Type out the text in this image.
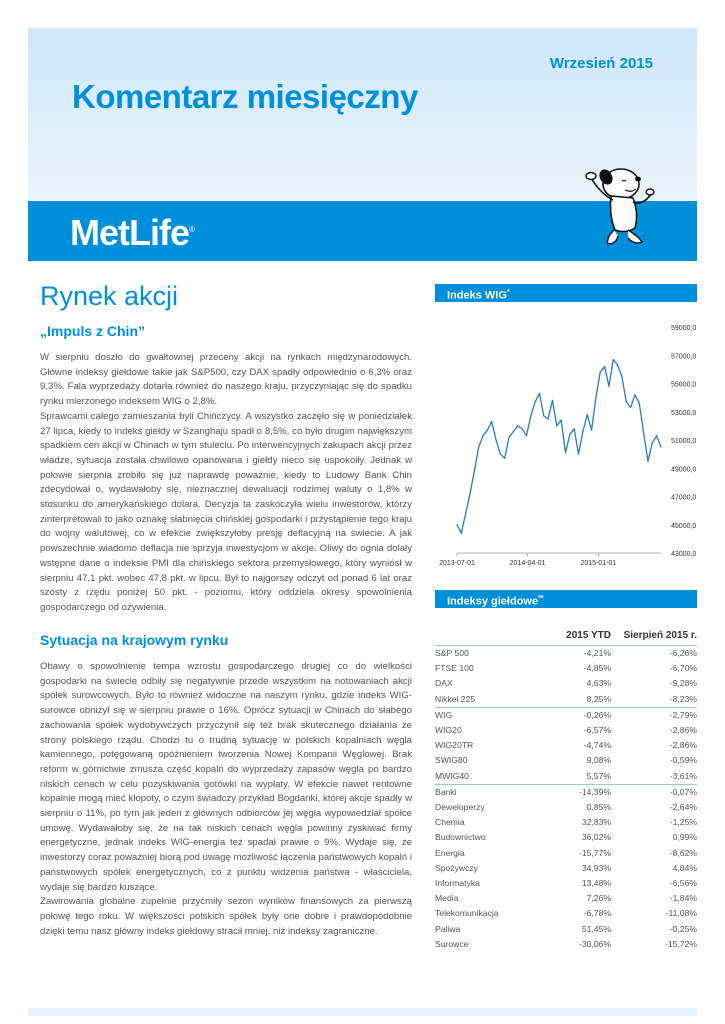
Wrzesień 2015
Komentarz miesięczny
MetLife®
Rynek akcji
„Impuls z Chin”

W sierpniu doszło do gwałtownej przeceny akcji na rynkach międzynarodowych. Główne indeksy giełdowe takie jak S&P500, czy DAX spadły odpowiednio o 6,3% oraz 9,3%. Fala wyprzedaży dotarła również do naszego kraju, przyczyniając się do spadku rynku mierzonego indeksem WIG o 2,8%.

Sprawcami całego zamieszania byli Chińczycy. A wszystko zaczęło się w poniedziałek 27 lipca, kiedy to indeks giełdy w Szanghaju spadł o 8,5%, co było drugim największym spadkiem cen akcji w Chinach w tym stuleciu. Po interwencyjnych zakupach akcji przez władze, sytuacja została chwilowo opanowana i giełdy nieco się uspokoiły. Jednak w połowie sierpnia zrobiło się już naprawdę poważnie, kiedy to Ludowy Bank Chin zdecydował o, wydawałoby się, nieznacznej dewaluacji rodzimej waluty o 1,8% w stosunku do amerykańskiego dolara. Decyzja ta zaskoczyła wielu inwestorów, którzy zinterpretowali to jako oznakę słabnięcia chińskiej gospodarki i przystąpienie tego kraju do wojny walutowej, co w efekcie zwiększyłoby presję deflacyjną na świecie. A jak powszechnie wiadomo deflacja nie sprzyja inwestycjom w akcje. Oliwy do ognia dolały wstępne dane o indeksie PMI dla chińskiego sektora przemysłowego, który wyniósł w sierpniu 47,1 pkt. wobec 47,8 pkt. w lipcu. Był to najgorszy odczyt od ponad 6 lat oraz szósty z rzędu poniżej 50 pkt. - poziomu, który oddziela okresy spowolnienia gospodarczego od ożywienia.

Sytuacja na krajowym rynku

Obawy o spowolnienie tempa wzrostu gospodarczego drugiej co do wielkości gospodarki na świecie odbiły się negatywnie przede wszystkim na notowaniach akcji spółek surowcowych. Było to również widoczne na naszym rynku, gdzie indeks WIG-surowce obniżył się w sierpniu prawie o 16%. Oprócz sytuacji w Chinach do słabego zachowania spółek wydobywczych przyczynił się też brak skutecznego działania ze strony polskiego rządu. Chodzi tu o trudną sytuację w polskich kopalniach węgla kamiennego, potęgowaną opóźnieniem tworzenia Nowej Kompanii Węglowej. Brak reform w górnictwie zmusza część kopalń do wyprzedaży zapasów węgla po bardzo niskich cenach w celu pozyskiwania gotówki na wypłaty. W efekcie nawet rentowne kopalnie mogą mieć kłopoty, o czym świadczy przykład Bogdanki, której akcje spadły w sierpniu o 11%, po tym jak jeden z głównych odbiorców jej węgla wypowiedział spółce umowę. Wydawałoby się, że na tak niskich cenach węgla powinny zyskiwać firmy energetyczne, jednak indeks WIG-energia też spadał prawie o 9%. Wydaje się, że inwestorzy coraz poważniej biorą pod uwagę możliwość łączenia państwowych kopalń i państwowych spółek energetycznych, co z punktu widzenia państwa - właściciela, wydaje się bardzo kuszące.

Zawirowania globalne zupełnie przyćmiły sezon wyników finansowych za pierwszą połowę tego roku. W większości polskich spółek były one dobre i prawdopodobnie dzięki temu nasz główny indeks giełdowy stracił mniej, niż indeksy zagraniczne.

Indeks WIG*
59000,0
57000,0
55000,0
53000,0
51000,0
49000,0
47000,0
45000,0
43000,0
2013-07-01	2014-04-01	2015-01-01
Indeksy giełdowe**
	2015 YTD	Sierpień 2015 r.
S&P 500	-4,21%	-6,26%
FTSE 100	-4,85%	-6,70%
DAX	4,63%	-9,28%
Nikkei 225	8,25%	-8,23%
WIG	-0,26%	-2,79%
WIG20	-6,57%	-2,86%
WIG20TR	-4,74%	-2,86%
SWIG80	9,08%	-0,59%
MWIG40	5,57%	-3,61%
Banki	-14,39%	-0,07%
Deweloperzy	0,85%	-2,64%
Chemia	32,83%	-1,25%
Budownictwo	36,02%	0,99%
Energia	-15,77%	-8,62%
Spożywczy	34,93%	4,84%
Informatyka	13,48%	-6,56%
Media	7,26%	-1,84%
Telekomunikacja	-6,78%	-11,08%
Paliwa	51,45%	-0,25%
Surowce	-30,06%	-15,72%
